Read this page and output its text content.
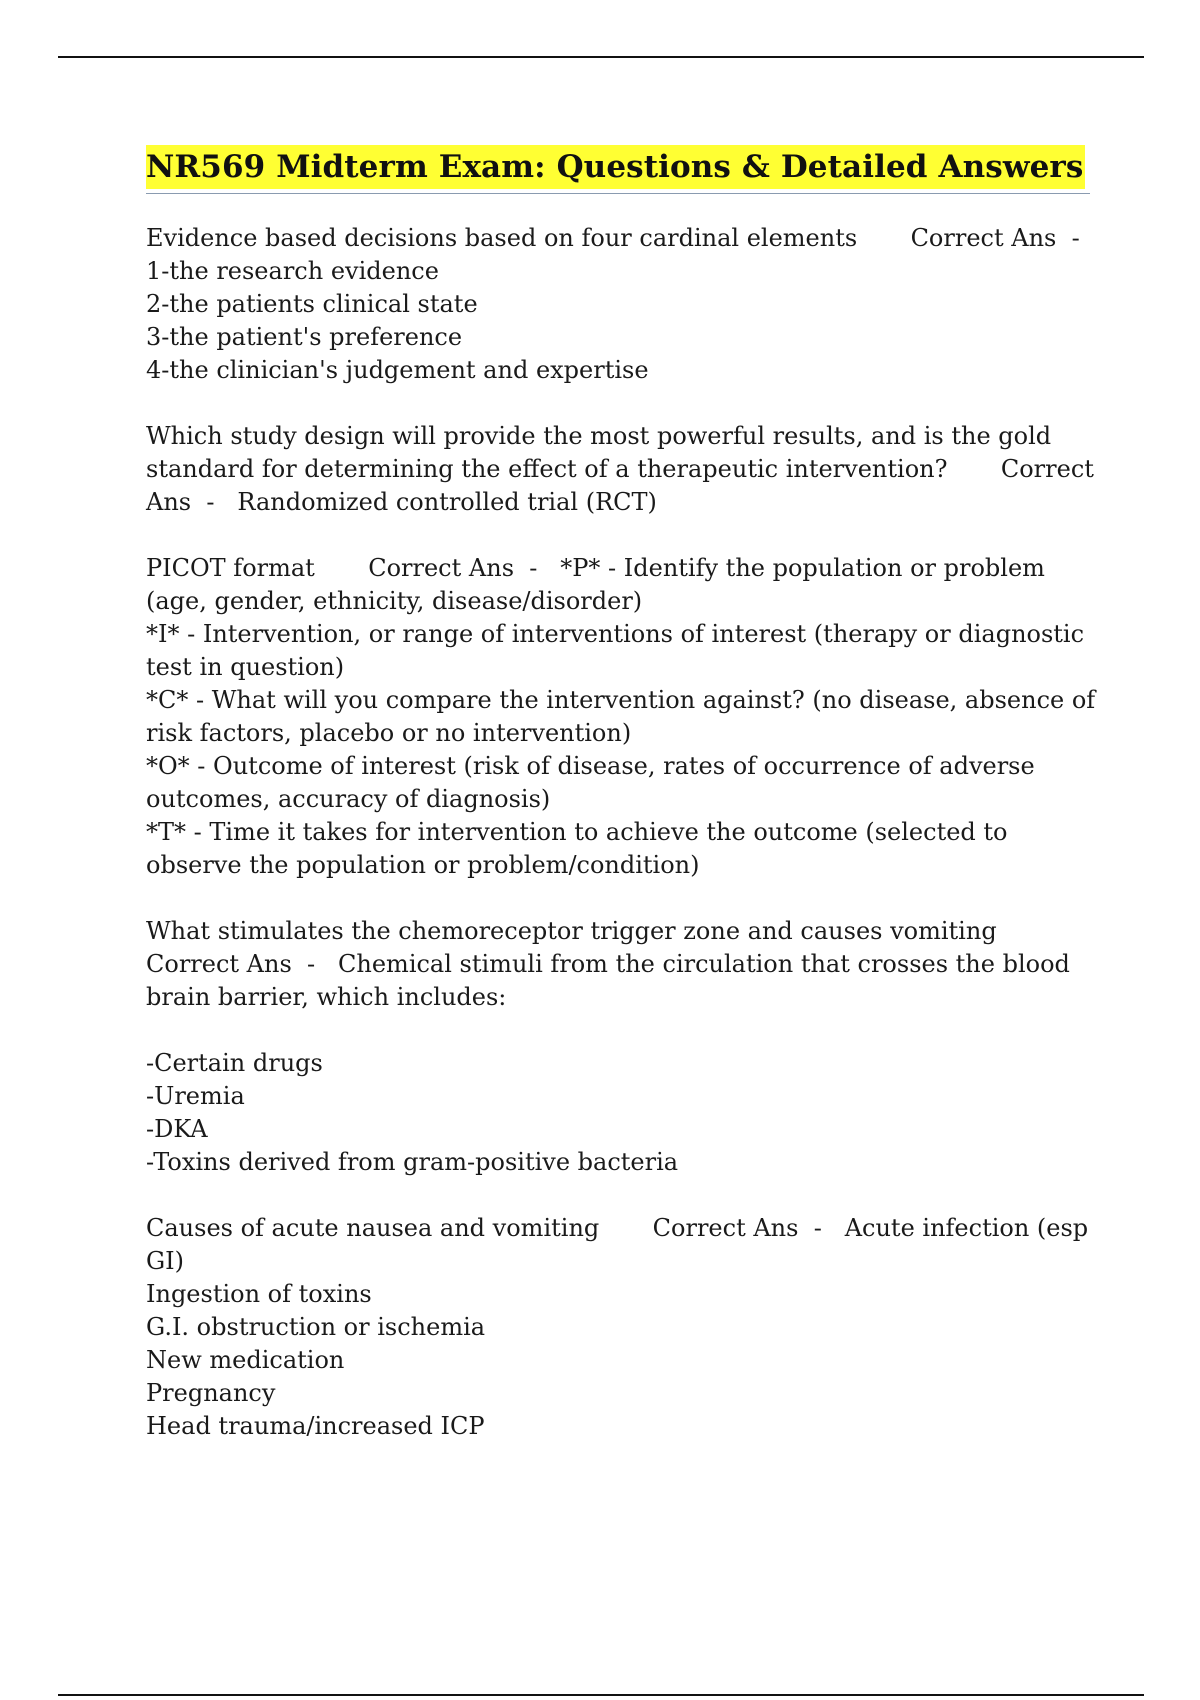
NR569 Midterm Exam: Questions & Detailed Answers
Evidence based decisions based on four cardinal elements       Correct Ans  -
1-the research evidence
2-the patients clinical state
3-the patient's preference
4-the clinician's judgement and expertise
Which study design will provide the most powerful results, and is the gold
standard for determining the effect of a therapeutic intervention?       Correct
Ans  -   Randomized controlled trial (RCT)
PICOT format       Correct Ans  -   *P* - Identify the population or problem
(age, gender, ethnicity, disease/disorder)
*I* - Intervention, or range of interventions of interest (therapy or diagnostic
test in question)
*C* - What will you compare the intervention against? (no disease, absence of
risk factors, placebo or no intervention)
*O* - Outcome of interest (risk of disease, rates of occurrence of adverse
outcomes, accuracy of diagnosis)
*T* - Time it takes for intervention to achieve the outcome (selected to
observe the population or problem/condition)
What stimulates the chemoreceptor trigger zone and causes vomiting
Correct Ans  -   Chemical stimuli from the circulation that crosses the blood
brain barrier, which includes:
-Certain drugs
-Uremia
-DKA
-Toxins derived from gram-positive bacteria
Causes of acute nausea and vomiting       Correct Ans  -   Acute infection (esp
GI)
Ingestion of toxins
G.I. obstruction or ischemia
New medication
Pregnancy
Head trauma/increased ICP
